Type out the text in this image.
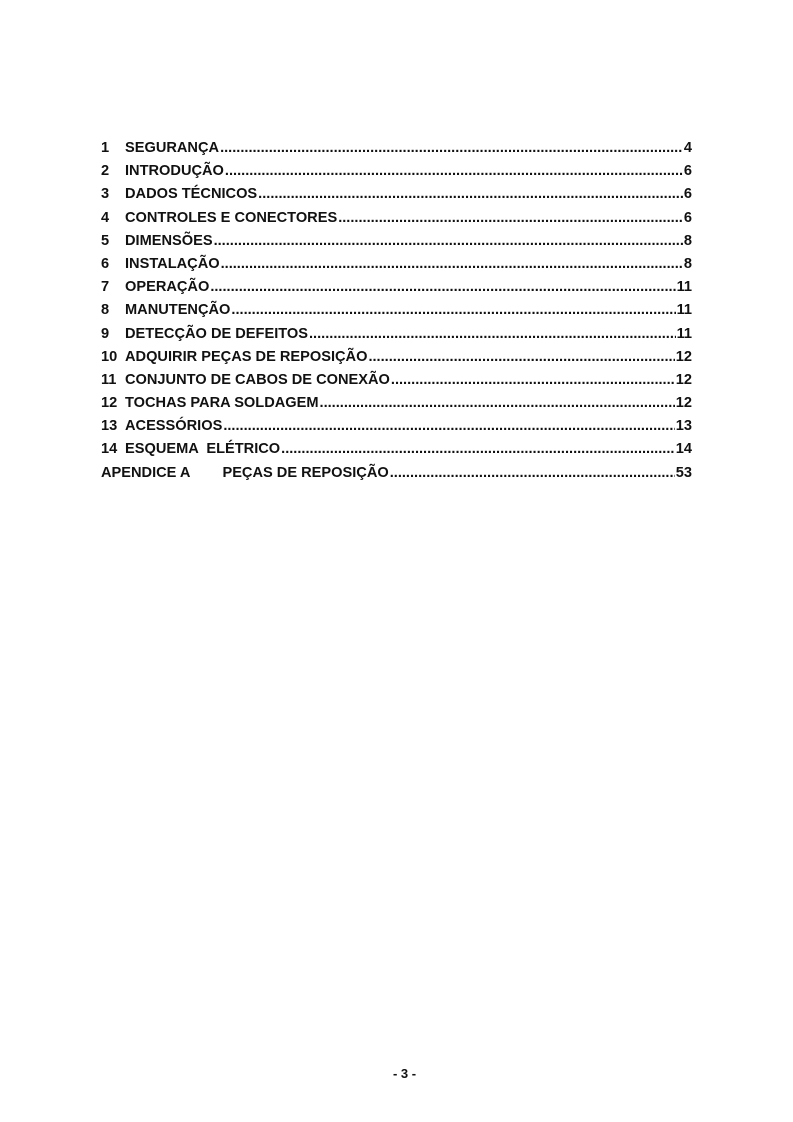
1	SEGURANÇA .....	4
2	INTRODUÇÃO .....	6
3	DADOS TÉCNICOS .....	6
4	CONTROLES E CONECTORES .....	6
5	DIMENSÕES .....	8
6	INSTALAÇÃO .....	8
7	OPERAÇÃO .....	11
8	MANUTENÇÃO .....	11
9	DETECÇÃO DE DEFEITOS .....	11
10 ADQUIRIR PEÇAS DE REPOSIÇÃO .....	12
11 CONJUNTO DE CABOS DE CONEXÃO .....	12
12 TOCHAS PARA SOLDAGEM .....	12
13 ACESSÓRIOS .....	13
14 ESQUEMA  ELÉTRICO .....	14
APENDICE A PEÇAS DE REPOSIÇÃO .....	53
- 3 -
